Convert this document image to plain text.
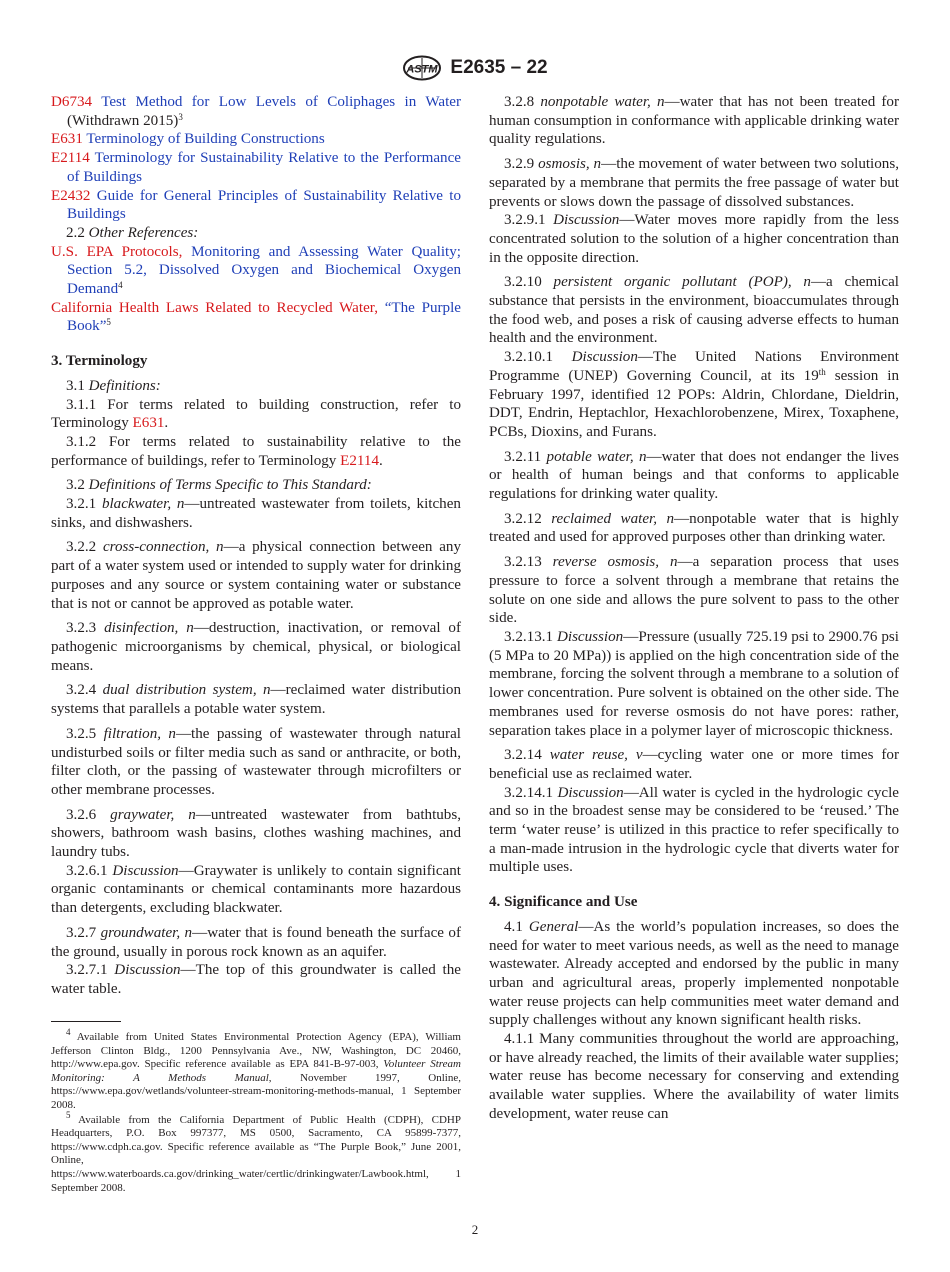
ASTM E2635 – 22

D6734 Test Method for Low Levels of Coliphages in Water (Withdrawn 2015)$^3$

E631 Terminology of Building Constructions

E2114 Terminology for Sustainability Relative to the Performance of Buildings

E2432 Guide for General Principles of Sustainability Relative to Buildings

2.2 Other References:

U.S. EPA Protocols, Monitoring and Assessing Water Quality; Section 5.2, Dissolved Oxygen and Biochemical Oxygen Demand$^4$

California Health Laws Related to Recycled Water, “The Purple Book”$^5$

3. Terminology

3.1 Definitions:

3.1.1 For terms related to building construction, refer to Terminology E631.

3.1.2 For terms related to sustainability relative to the performance of buildings, refer to Terminology E2114.

3.2 Definitions of Terms Specific to This Standard:

3.2.1 blackwater, n—untreated wastewater from toilets, kitchen sinks, and dishwashers.

3.2.2 cross-connection, n—a physical connection between any part of a water system used or intended to supply water for drinking purposes and any source or system containing water or substance that is not or cannot be approved as potable water.

3.2.3 disinfection, n—destruction, inactivation, or removal of pathogenic microorganisms by chemical, physical, or biological means.

3.2.4 dual distribution system, n—reclaimed water distribution systems that parallels a potable water system.

3.2.5 filtration, n—the passing of wastewater through natural undisturbed soils or filter media such as sand or anthracite, or both, filter cloth, or the passing of wastewater through microfilters or other membrane processes.

3.2.6 graywater, n—untreated wastewater from bathtubs, showers, bathroom wash basins, clothes washing machines, and laundry tubs.

3.2.6.1 Discussion—Graywater is unlikely to contain significant organic contaminants or chemical contaminants more hazardous than detergents, excluding blackwater.

3.2.7 groundwater, n—water that is found beneath the surface of the ground, usually in porous rock known as an aquifer.

3.2.7.1 Discussion—The top of this groundwater is called the water table.

3.2.8 nonpotable water, n—water that has not been treated for human consumption in conformance with applicable drinking water quality regulations.

3.2.9 osmosis, n—the movement of water between two solutions, separated by a membrane that permits the free passage of water but prevents or slows down the passage of dissolved substances.

3.2.9.1 Discussion—Water moves more rapidly from the less concentrated solution to the solution of a higher concentration than in the opposite direction.

3.2.10 persistent organic pollutant (POP), n—a chemical substance that persists in the environment, bioaccumulates through the food web, and poses a risk of causing adverse effects to human health and the environment.

3.2.10.1 Discussion—The United Nations Environment Programme (UNEP) Governing Council, at its 19th session in February 1997, identified 12 POPs: Aldrin, Chlordane, Dieldrin, DDT, Endrin, Heptachlor, Hexachlorobenzene, Mirex, Toxaphene, PCBs, Dioxins, and Furans.

3.2.11 potable water, n—water that does not endanger the lives or health of human beings and that conforms to applicable regulations for drinking water quality.

3.2.12 reclaimed water, n—nonpotable water that is highly treated and used for approved purposes other than drinking water.

3.2.13 reverse osmosis, n—a separation process that uses pressure to force a solvent through a membrane that retains the solute on one side and allows the pure solvent to pass to the other side.

3.2.13.1 Discussion—Pressure (usually 725.19 psi to 2900.76 psi (5 MPa to 20 MPa)) is applied on the high concentration side of the membrane, forcing the solvent through a membrane to a solution of lower concentration. Pure solvent is obtained on the other side. The membranes used for reverse osmosis do not have pores: rather, separation takes place in a polymer layer of microscopic thickness.

3.2.14 water reuse, v—cycling water one or more times for beneficial use as reclaimed water.

3.2.14.1 Discussion—All water is cycled in the hydrologic cycle and so in the broadest sense may be considered to be ‘reused.’ The term ‘water reuse’ is utilized in this practice to refer specifically to a man-made intrusion in the hydrologic cycle that diverts water for multiple uses.

4. Significance and Use

4.1 General—As the world’s population increases, so does the need for water to meet various needs, as well as the need to manage wastewater. Already accepted and endorsed by the public in many urban and agricultural areas, properly implemented nonpotable water reuse projects can help communities meet water demand and supply challenges without any known significant health risks.

4.1.1 Many communities throughout the world are approaching, or have already reached, the limits of their available water supplies; water reuse has become necessary for conserving and extending available water supplies. Where the availability of water limits development, water reuse can

$^4$ Available from United States Environmental Protection Agency (EPA), William Jefferson Clinton Bldg., 1200 Pennsylvania Ave., NW, Washington, DC 20460, http://www.epa.gov. Specific reference available as EPA 841-B-97-003, Volunteer Stream Monitoring: A Methods Manual, November 1997, Online, https://www.epa.gov/wetlands/volunteer-stream-monitoring-methods-manual, 1 September 2008.

$^5$ Available from the California Department of Public Health (CDPH), CDHP Headquarters, P.O. Box 997377, MS 0500, Sacramento, CA 95899-7377, https://www.cdph.ca.gov. Specific reference available as “The Purple Book,” June 2001, Online, https://www.waterboards.ca.gov/drinking_water/certlic/drinkingwater/Lawbook.html, 1 September 2008.

2
